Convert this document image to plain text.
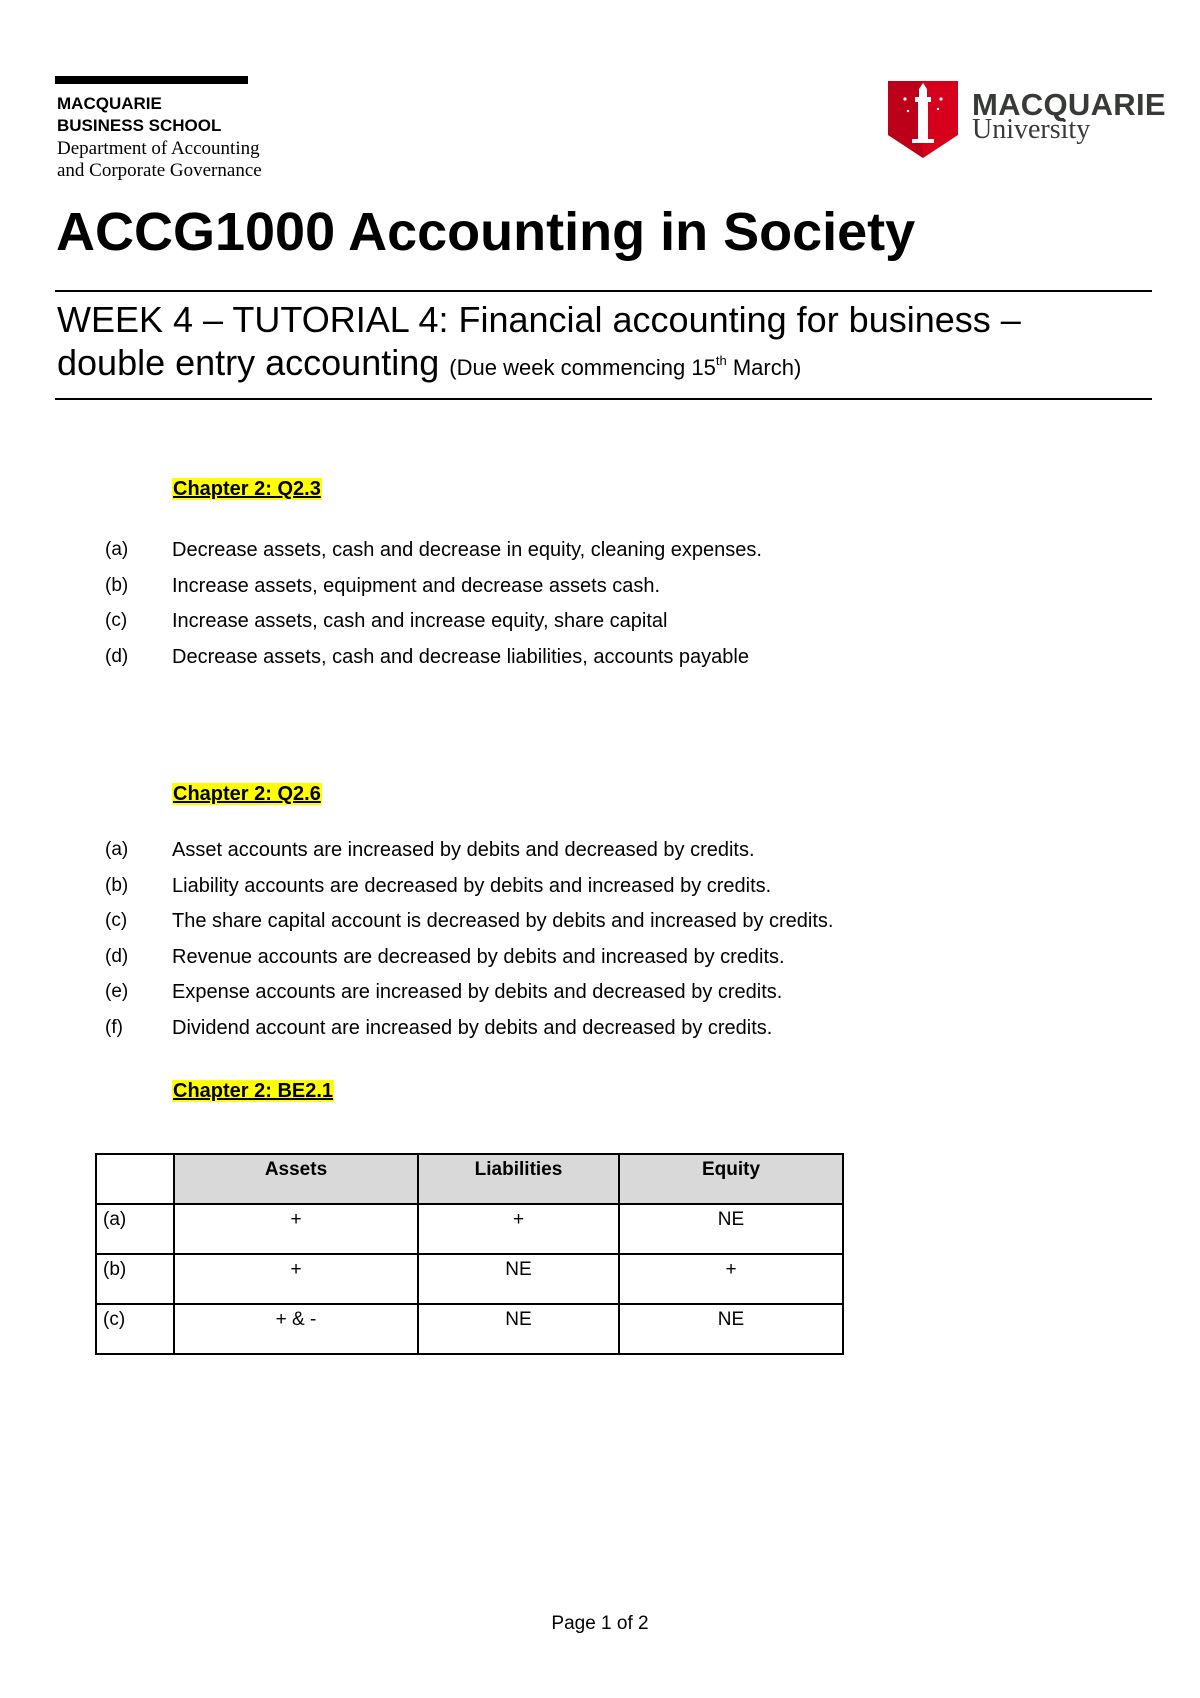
MACQUARIE
BUSINESS SCHOOL
Department of Accounting
and Corporate Governance
MACQUARIE
University
ACCG1000 Accounting in Society
WEEK 4 – TUTORIAL 4: Financial accounting for business –
double entry accounting (Due week commencing 15th March)
Chapter 2: Q2.3
(a)	Decrease assets, cash and decrease in equity, cleaning expenses.
(b)	Increase assets, equipment and decrease assets cash.
(c)	Increase assets, cash and increase equity, share capital
(d)	Decrease assets, cash and decrease liabilities, accounts payable
Chapter 2: Q2.6
(a)	Asset accounts are increased by debits and decreased by credits.
(b)	Liability accounts are decreased by debits and increased by credits.
(c)	The share capital account is decreased by debits and increased by credits.
(d)	Revenue accounts are decreased by debits and increased by credits.
(e)	Expense accounts are increased by debits and decreased by credits.
(f)	Dividend account are increased by debits and decreased by credits.
Chapter 2: BE2.1
	Assets	Liabilities	Equity
(a)	+	+	NE
(b)	+	NE	+
(c)	+ & -	NE	NE
Page 1 of 2
